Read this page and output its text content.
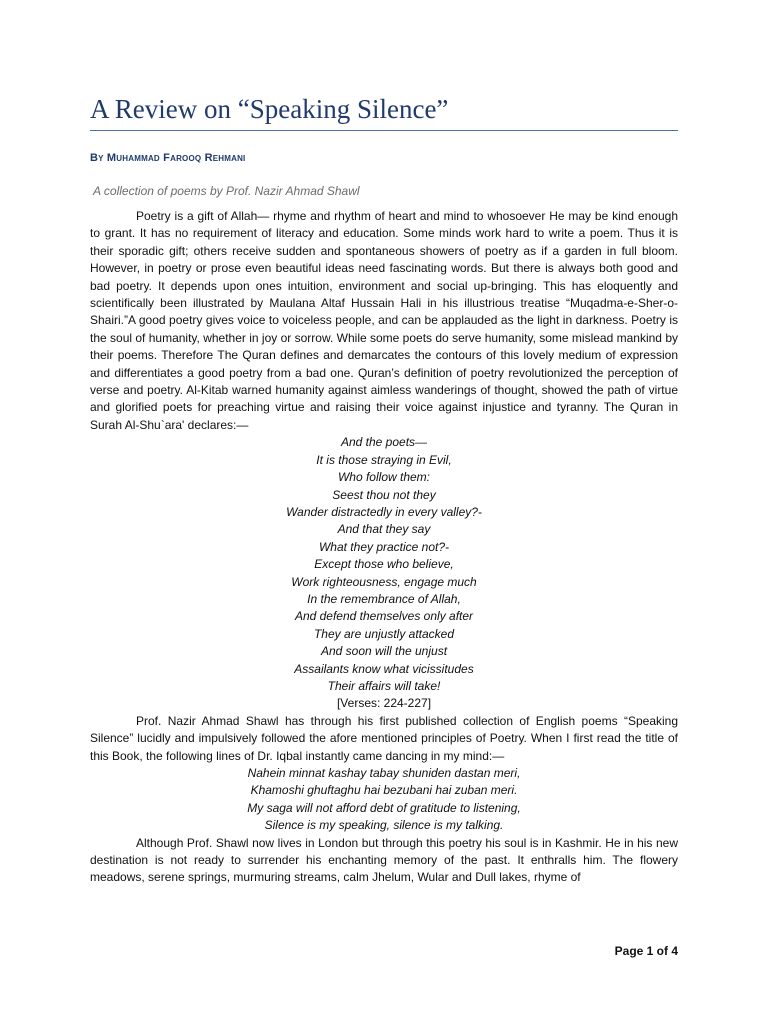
A Review on “Speaking Silence”
By Muhammad Farooq Rehmani
A collection of poems by Prof. Nazir Ahmad Shawl

Poetry is a gift of Allah— rhyme and rhythm of heart and mind to whosoever He may be kind enough to grant. It has no requirement of literacy and education. Some minds work hard to write a poem. Thus it is their sporadic gift; others receive sudden and spontaneous showers of poetry as if a garden in full bloom. However, in poetry or prose even beautiful ideas need fascinating words. But there is always both good and bad poetry. It depends upon ones intuition, environment and social up-bringing. This has eloquently and scientifically been illustrated by Maulana Altaf Hussain Hali in his illustrious treatise “Muqadma-e-Sher-o-Shairi.”A good poetry gives voice to voiceless people, and can be applauded as the light in darkness. Poetry is the soul of humanity, whether in joy or sorrow. While some poets do serve humanity, some mislead mankind by their poems. Therefore The Quran defines and demarcates the contours of this lovely medium of expression and differentiates a good poetry from a bad one. Quran’s definition of poetry revolutionized the perception of verse and poetry. Al-Kitab warned humanity against aimless wanderings of thought, showed the path of virtue and glorified poets for preaching virtue and raising their voice against injustice and tyranny. The Quran in Surah Al-Shu`ara' declares:—

And the poets—
It is those straying in Evil,
Who follow them:
Seest thou not they
Wander distractedly in every valley?-
And that they say
What they practice not?-
Except those who believe,
Work righteousness, engage much
In the remembrance of Allah,
And defend themselves only after
They are unjustly attacked
And soon will the unjust
Assailants know what vicissitudes
Their affairs will take!
[Verses: 224-227]

Prof. Nazir Ahmad Shawl has through his first published collection of English poems “Speaking Silence” lucidly and impulsively followed the afore mentioned principles of Poetry. When I first read the title of this Book, the following lines of Dr. Iqbal instantly came dancing in my mind:—

Nahein minnat kashay tabay shuniden dastan meri,
Khamoshi ghuftaghu hai bezubani hai zuban meri.
My saga will not afford debt of gratitude to listening,
Silence is my speaking, silence is my talking.

Although Prof. Shawl now lives in London but through this poetry his soul is in Kashmir. He in his new destination is not ready to surrender his enchanting memory of the past. It enthralls him. The flowery meadows, serene springs, murmuring streams, calm Jhelum, Wular and Dull lakes, rhyme of

Page 1 of 4
